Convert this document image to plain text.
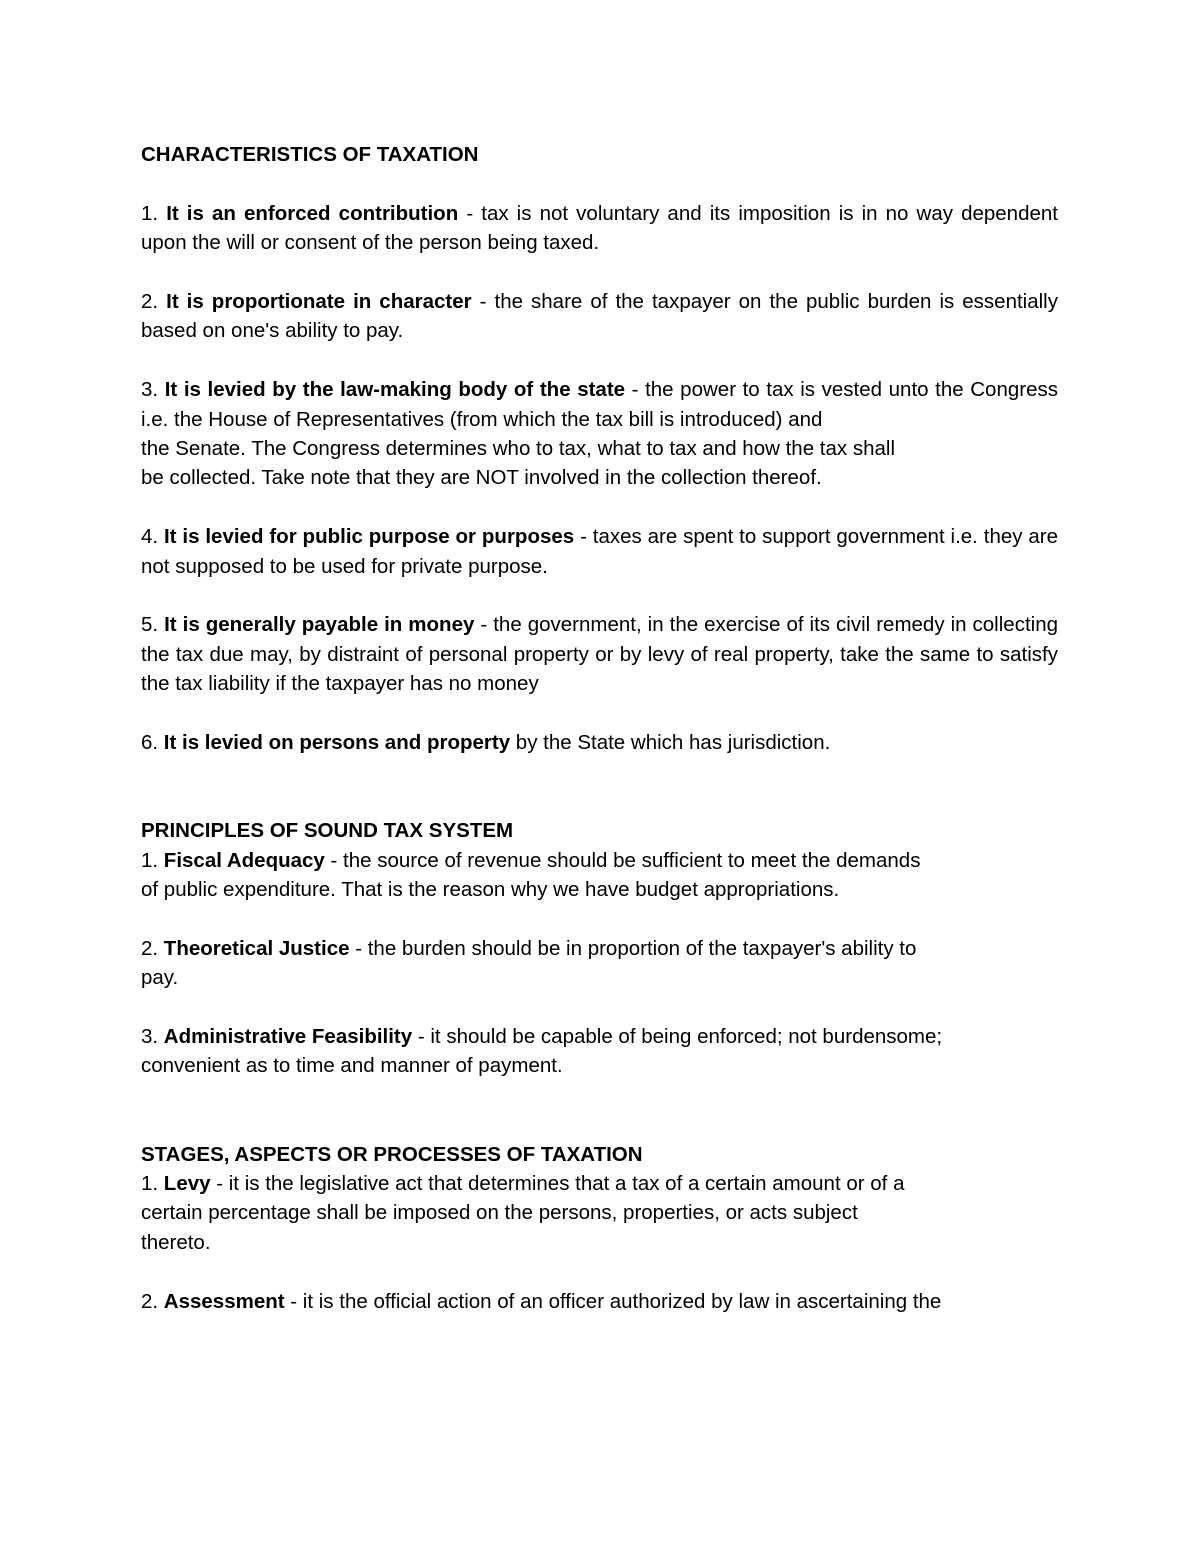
CHARACTERISTICS OF TAXATION

1. It is an enforced contribution - tax is not voluntary and its imposition is in no way dependent upon the will or consent of the person being taxed.

2. It is proportionate in character - the share of the taxpayer on the public burden is essentially based on one's ability to pay.

3. It is levied by the law-making body of the state - the power to tax is vested unto the Congress i.e. the House of Representatives (from which the tax bill is introduced) and

the Senate. The Congress determines who to tax, what to tax and how the tax shall

be collected. Take note that they are NOT involved in the collection thereof.

4. It is levied for public purpose or purposes - taxes are spent to support government i.e. they are not supposed to be used for private purpose.

5. It is generally payable in money - the government, in the exercise of its civil remedy in collecting the tax due may, by distraint of personal property or by levy of real property, take the same to satisfy the tax liability if the taxpayer has no money

6. It is levied on persons and property by the State which has jurisdiction.

PRINCIPLES OF SOUND TAX SYSTEM

1. Fiscal Adequacy - the source of revenue should be sufficient to meet the demands

of public expenditure. That is the reason why we have budget appropriations.

2. Theoretical Justice - the burden should be in proportion of the taxpayer's ability to

pay.

3. Administrative Feasibility - it should be capable of being enforced; not burdensome;

convenient as to time and manner of payment.

STAGES, ASPECTS OR PROCESSES OF TAXATION

1. Levy - it is the legislative act that determines that a tax of a certain amount or of a

certain percentage shall be imposed on the persons, properties, or acts subject

thereto.

2. Assessment - it is the official action of an officer authorized by law in ascertaining the
